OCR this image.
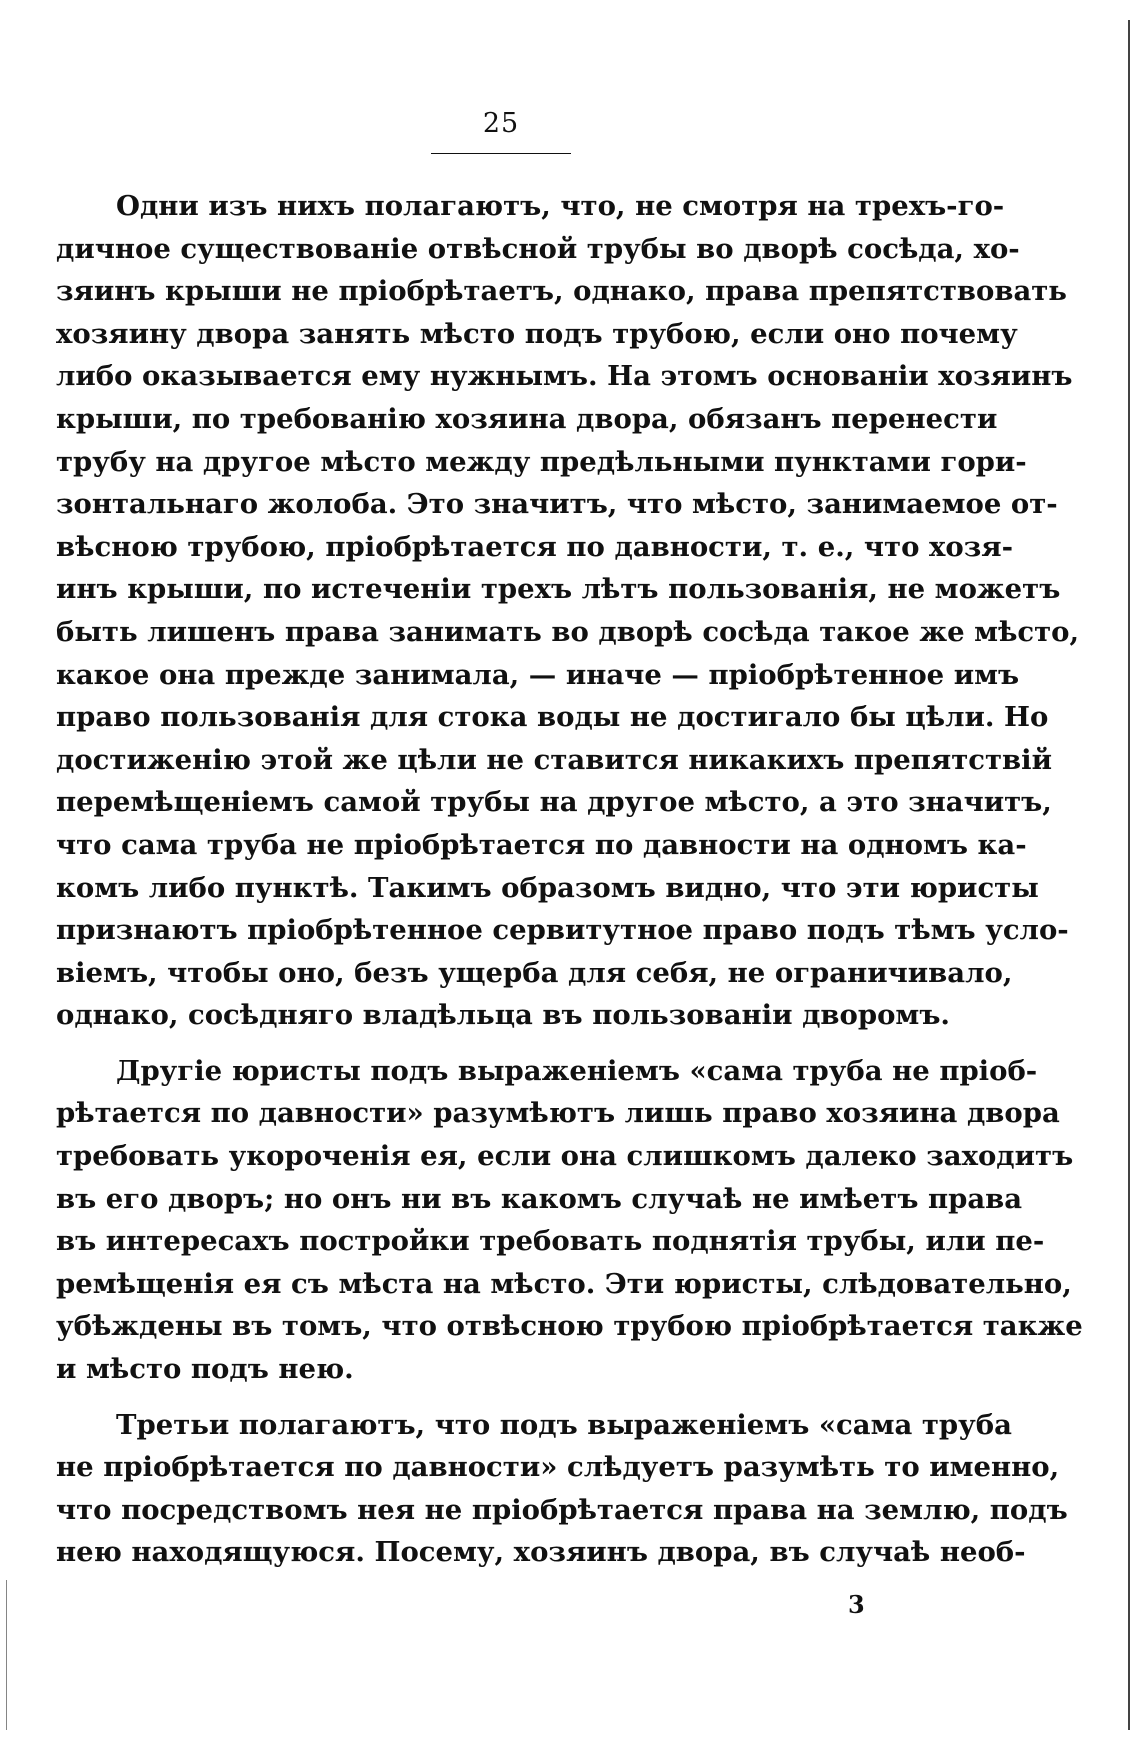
25
Одни изъ нихъ полагаютъ, что, не смотря на трехъ-го-
дичное существованіе отвѣсной трубы во дворѣ сосѣда, хо-
зяинъ крыши не пріобрѣтаетъ, однако, права препятствовать
хозяину двора занять мѣсто подъ трубою, если оно почему
либо оказывается ему нужнымъ. На этомъ основаніи хозяинъ
крыши, по требованію хозяина двора, обязанъ перенести
трубу на другое мѣсто между предѣльными пунктами гори-
зонтальнаго жолоба. Это значитъ, что мѣсто, занимаемое от-
вѣсною трубою, пріобрѣтается по давности, т. е., что хозя-
инъ крыши, по истеченіи трехъ лѣтъ пользованія, не можетъ
быть лишенъ права занимать во дворѣ сосѣда такое же мѣсто,
какое она прежде занимала, — иначе — пріобрѣтенное имъ
право пользованія для стока воды не достигало бы цѣли. Но
достиженію этой же цѣли не ставится никакихъ препятствій
перемѣщеніемъ самой трубы на другое мѣсто, а это значитъ,
что сама труба не пріобрѣтается по давности на одномъ ка-
комъ либо пунктѣ. Такимъ образомъ видно, что эти юристы
признаютъ пріобрѣтенное сервитутное право подъ тѣмъ усло-
віемъ, чтобы оно, безъ ущерба для себя, не ограничивало,
однако, сосѣдняго владѣльца въ пользованіи дворомъ.
Другіе юристы подъ выраженіемъ «сама труба не пріоб-
рѣтается по давности» разумѣютъ лишь право хозяина двора
требовать укороченія ея, если она слишкомъ далеко заходитъ
въ его дворъ; но онъ ни въ какомъ случаѣ не имѣетъ права
въ интересахъ постройки требовать поднятія трубы, или пе-
ремѣщенія ея съ мѣста на мѣсто. Эти юристы, слѣдовательно,
убѣждены въ томъ, что отвѣсною трубою пріобрѣтается также
и мѣсто подъ нею.
Третьи полагаютъ, что подъ выраженіемъ «сама труба
не пріобрѣтается по давности» слѣдуетъ разумѣть то именно,
что посредствомъ нея не пріобрѣтается права на землю, подъ
нею находящуюся. Посему, хозяинъ двора, въ случаѣ необ-
3
